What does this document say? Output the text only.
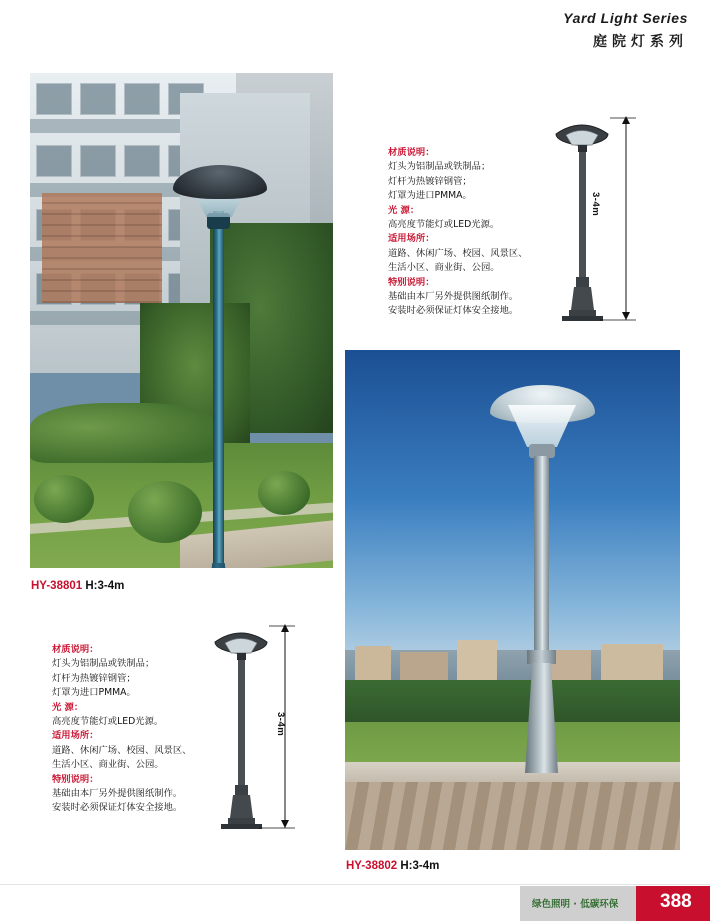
Yard Light Series
庭院灯系列
HY-38801 H:3-4m
材质说明：

灯头为铝制品或铁制品；

灯杆为热镀锌钢管；

灯罩为进口PMMA。

光 源：

高亮度节能灯或LED光源。

适用场所：

道路、休闲广场、校园、风景区、

生活小区、商业街、公园。

特别说明：

基础由本厂另外提供图纸制作。

安装时必须保证灯体安全接地。

3-4m
材质说明：

灯头为铝制品或铁制品；

灯杆为热镀锌钢管；

灯罩为进口PMMA。

光 源：

高亮度节能灯或LED光源。

适用场所：

道路、休闲广场、校园、风景区、

生活小区、商业街、公园。

特别说明：

基础由本厂另外提供图纸制作。

安装时必须保证灯体安全接地。

3-4m
HY-38802 H:3-4m
绿色照明 · 低碳环保 388
